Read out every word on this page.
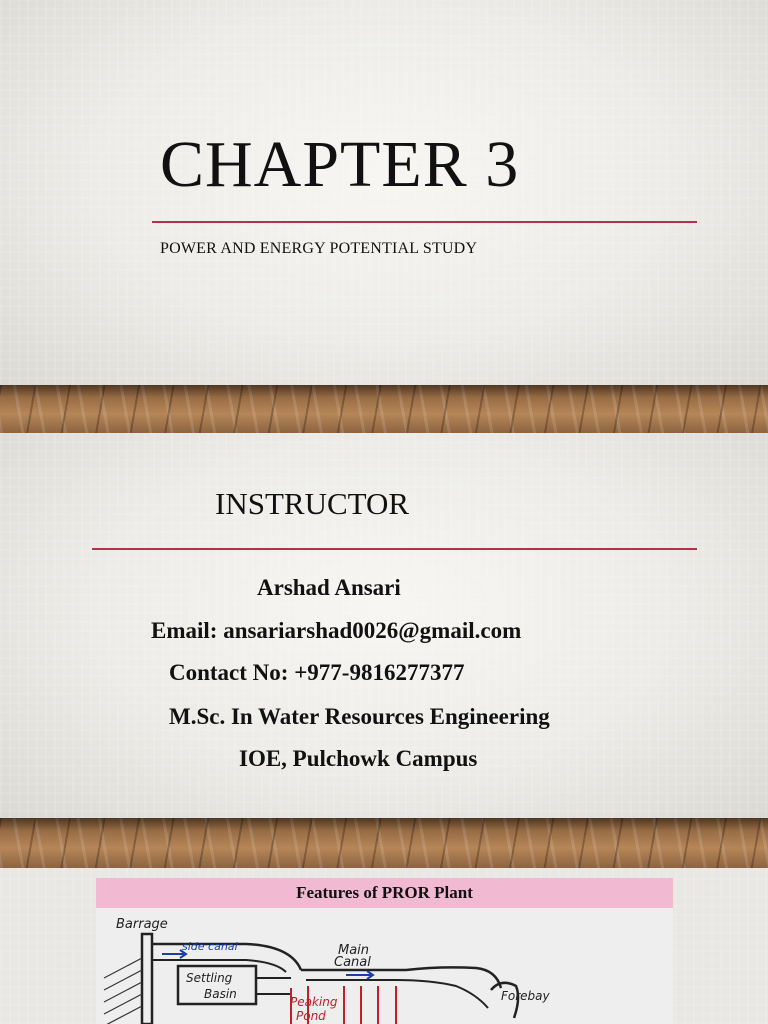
CHAPTER 3
POWER AND ENERGY POTENTIAL STUDY
INSTRUCTOR
Arshad Ansari
Email: ansariarshad0026@gmail.com
Contact No: +977-9816277377
M.Sc. In Water Resources Engineering
IOE, Pulchowk Campus
Features of PROR Plant
Barrage
side canal	Main
Canal
Settling
Basin
Peaking
Pond
Forebay
